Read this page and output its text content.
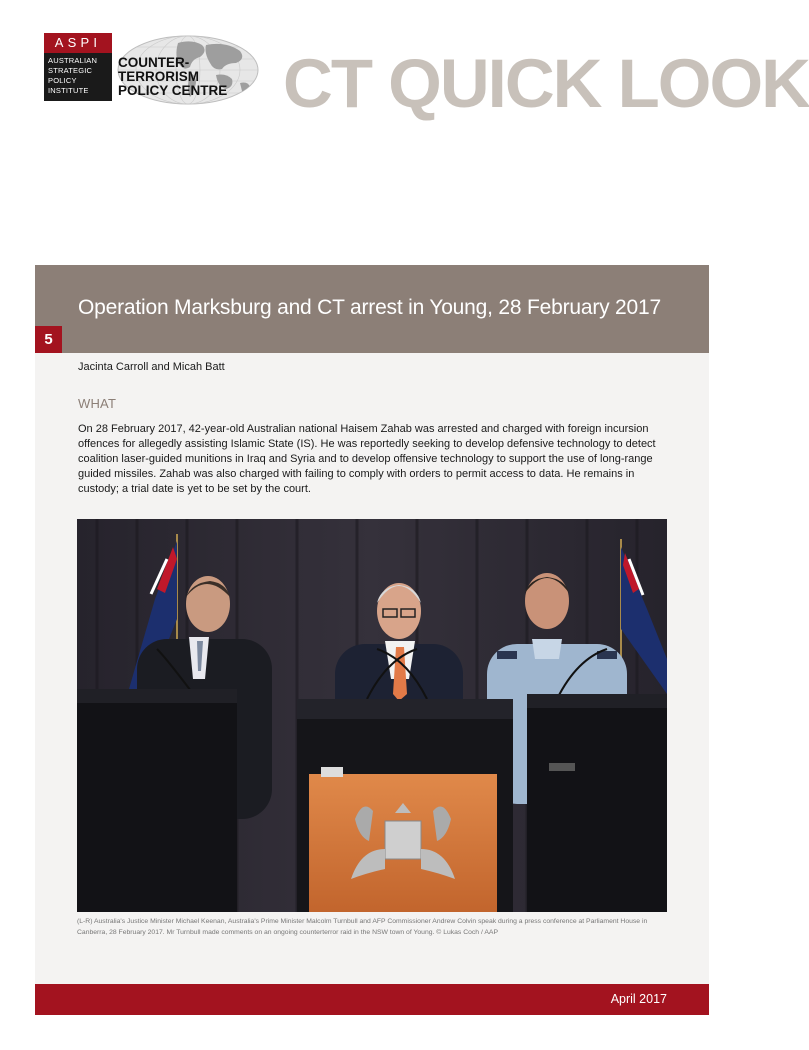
ASPI
AUSTRALIAN
STRATEGIC
POLICY
INSTITUTE
COUNTER-
TERRORISM
POLICY CENTRE CT QUICK LOOK
Operation Marksburg and CT arrest in Young, 28 February 2017
5
Jacinta Carroll and Micah Batt
WHAT

On 28 February 2017, 42-year-old Australian national Haisem Zahab was arrested and charged with foreign incursion offences for allegedly assisting Islamic State (IS). He was reportedly seeking to develop defensive technology to detect coalition laser-guided munitions in Iraq and Syria and to develop offensive technology to support the use of long-range guided missiles. Zahab was also charged with failing to comply with orders to permit access to data. He remains in custody; a trial date is yet to be set by the court.

(L-R) Australia's Justice Minister Michael Keenan, Australia's Prime Minister Malcolm Turnbull and AFP Commissioner Andrew Colvin speak during a press conference at Parliament House in Canberra, 28 February 2017. Mr Turnbull made comments on an ongoing counterterror raid in the NSW town of Young. © Lukas Coch / AAP

April 2017
